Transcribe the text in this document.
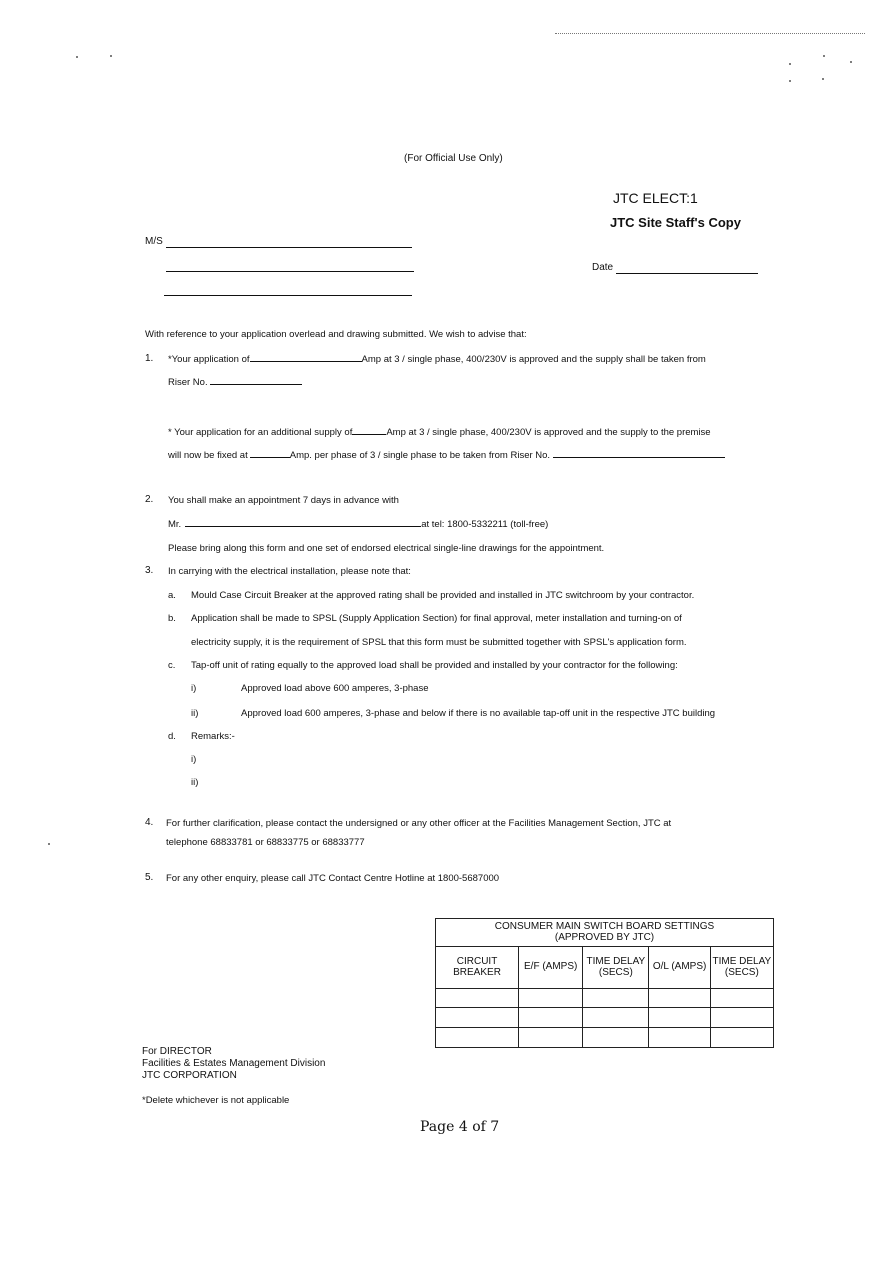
(For Official Use Only)
JTC ELECT:1
JTC Site Staff's Copy
M/S
Date
With reference to your application overlead and drawing submitted. We wish to advise that:
1. *Your application of	Amp at 3 / single phase, 400/230V is approved and the supply shall be taken from
Riser No.
* Your application for an additional supply of	Amp at 3 / single phase, 400/230V is approved and the supply to the premise
will now be fixed at	Amp. per phase of 3 / single phase to be taken from Riser No.
2. You shall make an appointment 7 days in advance with
Mr.	at tel: 1800-5332211 (toll-free)
Please bring along this form and one set of endorsed electrical single-line drawings for the appointment.
3. In carrying with the electrical installation, please note that:
a. Mould Case Circuit Breaker at the approved rating shall be provided and installed in JTC switchroom by your contractor.
b. Application shall be made to SPSL (Supply Application Section) for final approval, meter installation and turning-on of
electricity supply, it is the requirement of SPSL that this form must be submitted together with SPSL's application form.
c. Tap-off unit of rating equally to the approved load shall be provided and installed by your contractor for the following:
i)	Approved load above 600 amperes, 3-phase
ii)	Approved load 600 amperes, 3-phase and below if there is no available tap-off unit in the respective JTC building
d. Remarks:-
i)
ii)
4. For further clarification, please contact the undersigned or any other officer at the Facilities Management Section, JTC at
telephone 68833781 or 68833775 or 68833777
5. For any other enquiry, please call JTC Contact Centre Hotline at 1800-5687000
CONSUMER MAIN SWITCH BOARD SETTINGS (APPROVED BY JTC)				
CIRCUIT BREAKER	E/F (AMPS)	TIME DELAY (SECS)	O/L (AMPS)	TIME DELAY (SECS)

For DIRECTOR
Facilities & Estates Management Division
JTC CORPORATION
*Delete whichever is not applicable
Page 4 of 7
